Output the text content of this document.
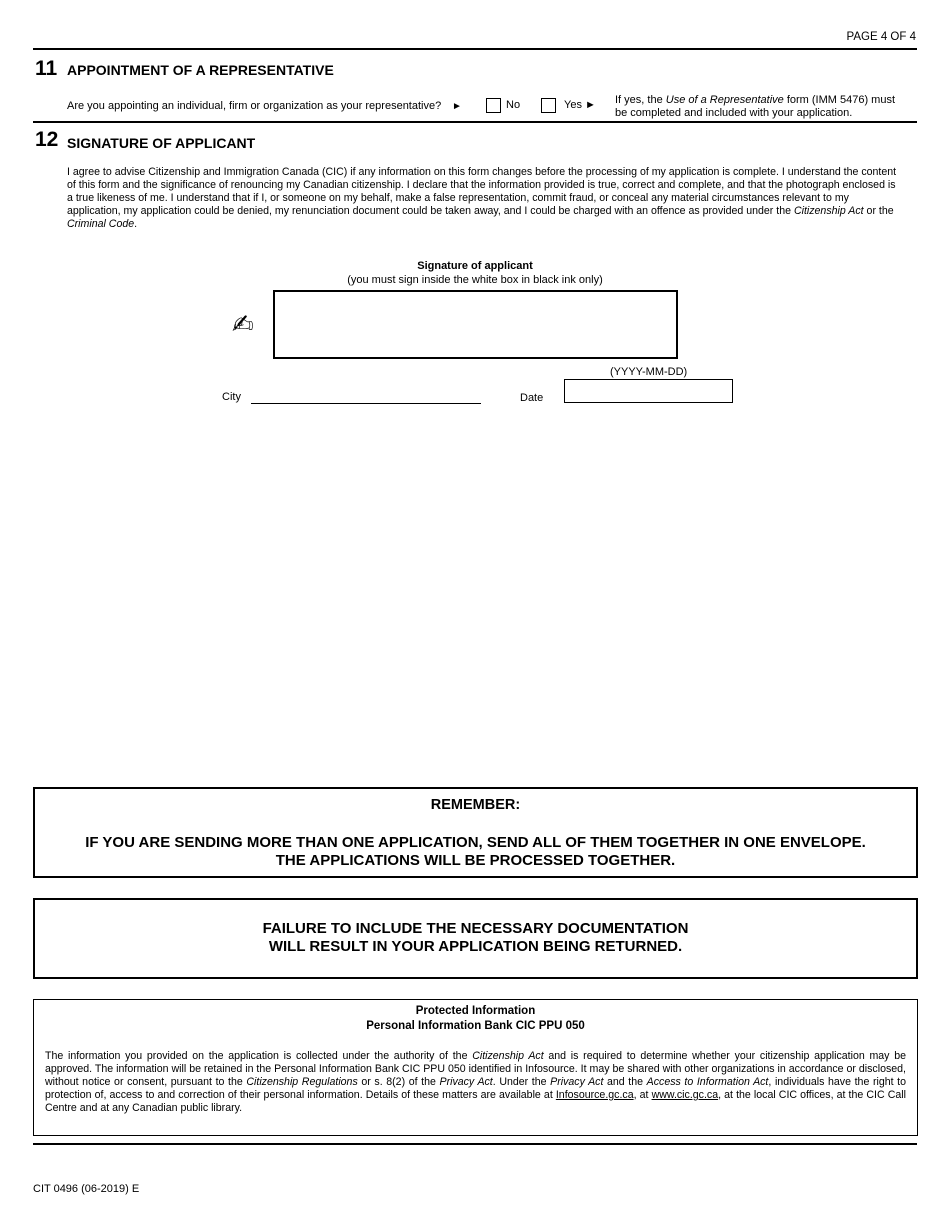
PAGE 4 OF 4
11 APPOINTMENT OF A REPRESENTATIVE
Are you appointing an individual, firm or organization as your representative? ►	No	Yes ► If yes, the Use of a Representative form (IMM 5476) must be completed and included with your application.
12 SIGNATURE OF APPLICANT
I agree to advise Citizenship and Immigration Canada (CIC) if any information on this form changes before the processing of my application is complete. I understand the content of this form and the significance of renouncing my Canadian citizenship. I declare that the information provided is true, correct and complete, and that the photograph enclosed is a true likeness of me. I understand that if I, or someone on my behalf, make a false representation, commit fraud, or conceal any material circumstances relevant to my application, my application could be denied, my renunciation document could be taken away, and I could be charged with an offence as provided under the Citizenship Act or the Criminal Code.
Signature of applicant
(you must sign inside the white box in black ink only)
✍
(YYYY-MM-DD)
City	Date
REMEMBER:
IF YOU ARE SENDING MORE THAN ONE APPLICATION, SEND ALL OF THEM TOGETHER IN ONE ENVELOPE.
THE APPLICATIONS WILL BE PROCESSED TOGETHER.
FAILURE TO INCLUDE THE NECESSARY DOCUMENTATION
WILL RESULT IN YOUR APPLICATION BEING RETURNED.
Protected Information
Personal Information Bank CIC PPU 050
The information you provided on the application is collected under the authority of the Citizenship Act and is required to determine whether your citizenship application may be approved. The information will be retained in the Personal Information Bank CIC PPU 050 identified in Infosource. It may be shared with other organizations in accordance or disclosed, without notice or consent, pursuant to the Citizenship Regulations or s. 8(2) of the Privacy Act. Under the Privacy Act and the Access to Information Act, individuals have the right to protection of, access to and correction of their personal information. Details of these matters are available at Infosource.gc.ca, at www.cic.gc.ca, at the local CIC offices, at the CIC Call Centre and at any Canadian public library.
CIT 0496 (06-2019) E
